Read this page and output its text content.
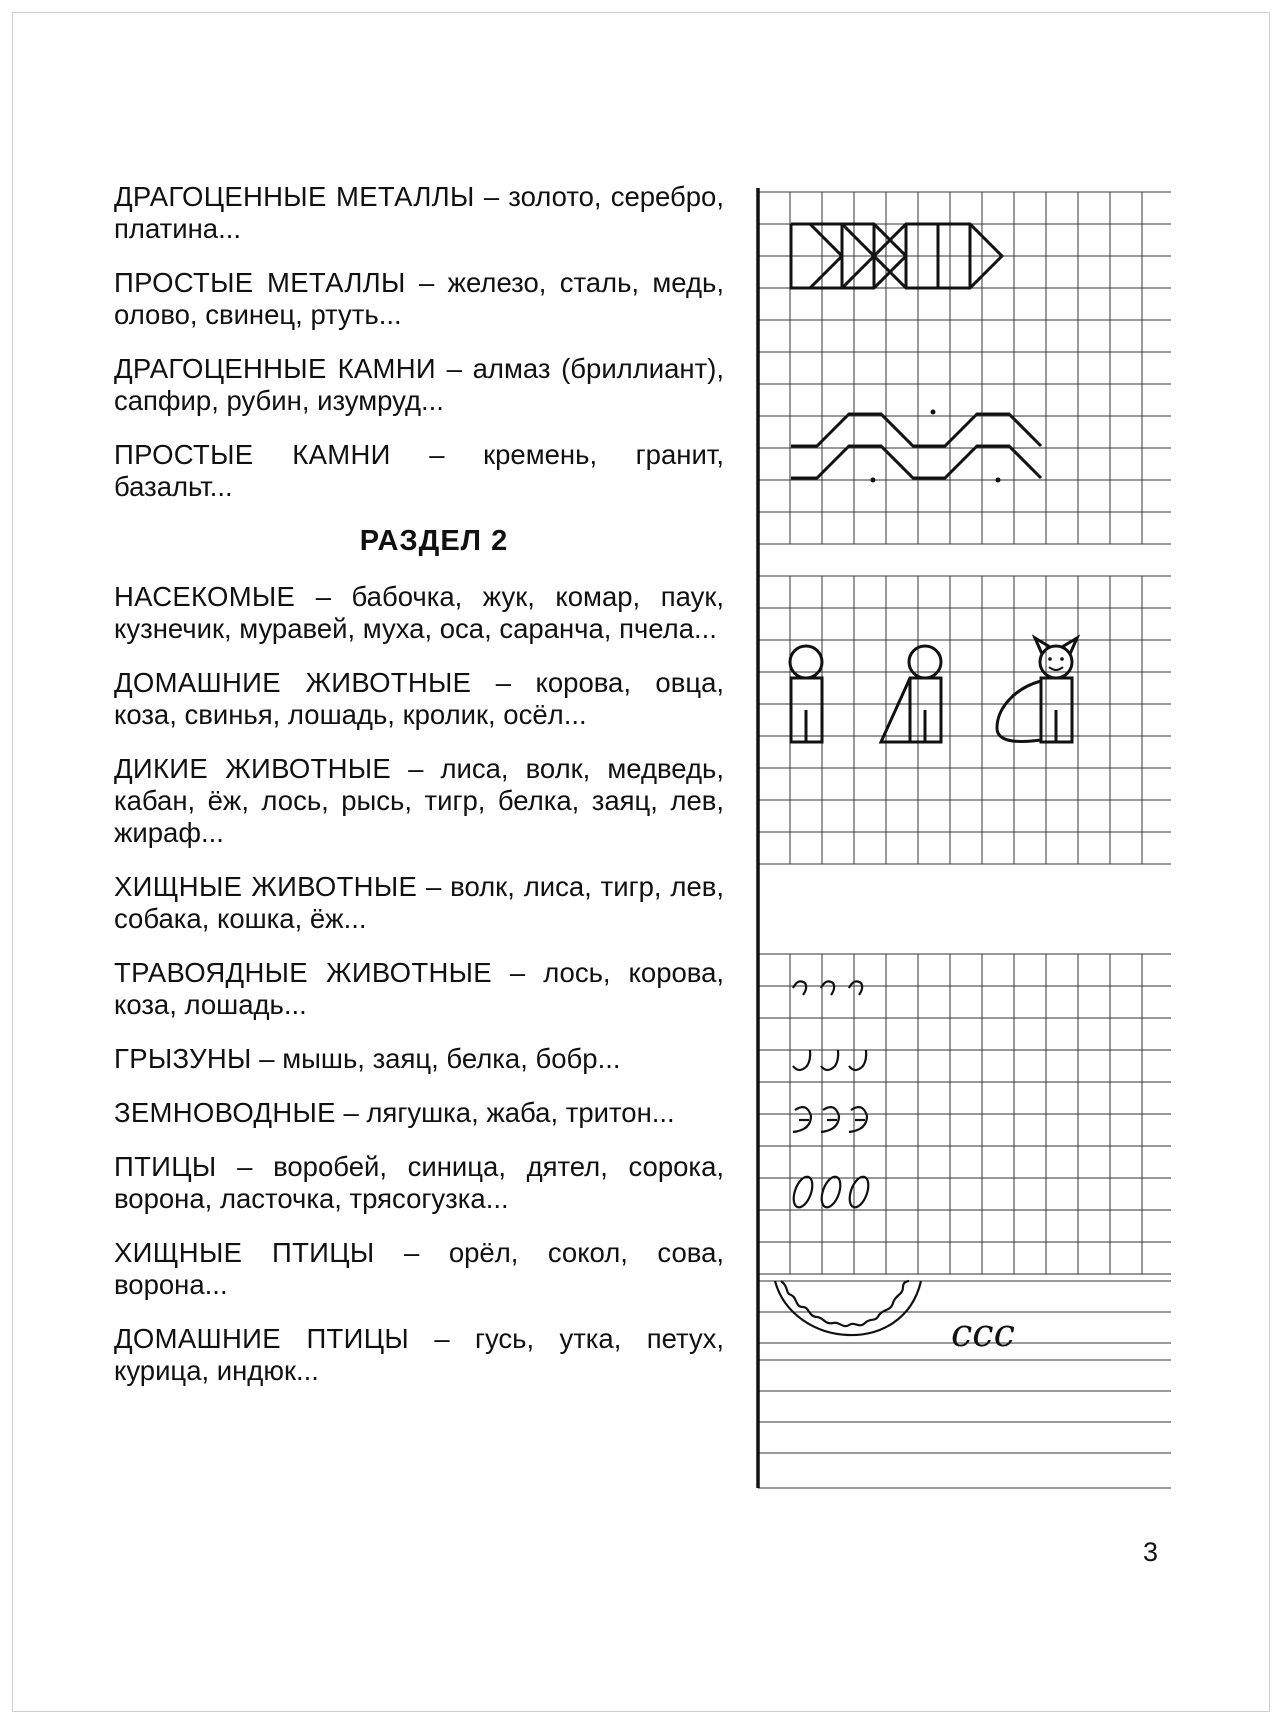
ДРАГОЦЕННЫЕ МЕТАЛЛЫ – золото, серебро, платина...
ПРОСТЫЕ МЕТАЛЛЫ – железо, сталь, медь, олово, свинец, ртуть...
ДРАГОЦЕННЫЕ КАМНИ – алмаз (бриллиант), сапфир, рубин, изумруд...
ПРОСТЫЕ КАМНИ – кремень, гранит, базальт...
РАЗДЕЛ 2
НАСЕКОМЫЕ – бабочка, жук, комар, паук, кузнечик, муравей, муха, оса, саранча, пчела...
ДОМАШНИЕ ЖИВОТНЫЕ – корова, овца, коза, свинья, лошадь, кролик, осёл...
ДИКИЕ ЖИВОТНЫЕ – лиса, волк, медведь, кабан, ёж, лось, рысь, тигр, белка, заяц, лев, жираф...
ХИЩНЫЕ ЖИВОТНЫЕ – волк, лиса, тигр, лев, собака, кошка, ёж...
ТРАВОЯДНЫЕ ЖИВОТНЫЕ – лось, корова, коза, лошадь...
ГРЫЗУНЫ – мышь, заяц, белка, бобр...
ЗЕМНОВОДНЫЕ – лягушка, жаба, тритон...
ПТИЦЫ – воробей, синица, дятел, сорока, ворона, ласточка, трясогузка...
ХИЩНЫЕ ПТИЦЫ – орёл, сокол, сова, ворона...
ДОМАШНИЕ ПТИЦЫ – гусь, утка, петух, курица, индюк...
ccc
3
